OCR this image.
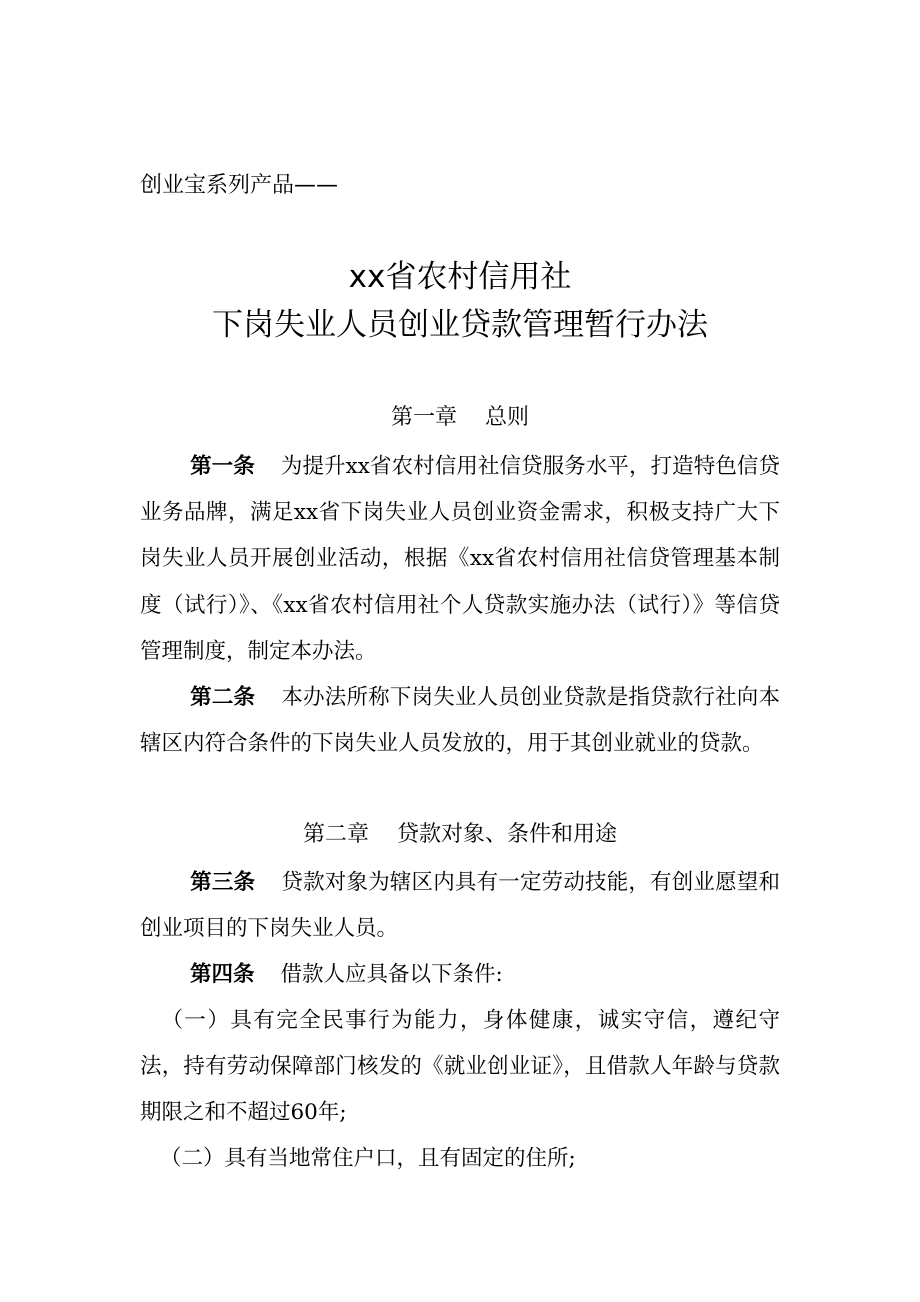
创业宝系列产品——
xx省农村信用社
下岗失业人员创业贷款管理暂行办法
第一章    总则
第一条 为提升xx省农村信用社信贷服务水平，打造特色信贷业务品牌，满足xx省下岗失业人员创业资金需求，积极支持广大下岗失业人员开展创业活动，根据《xx省农村信用社信贷管理基本制度（试行）》、《xx省农村信用社个人贷款实施办法（试行）》等信贷管理制度，制定本办法。
第二条 本办法所称下岗失业人员创业贷款是指贷款行社向本辖区内符合条件的下岗失业人员发放的，用于其创业就业的贷款。
第二章    贷款对象、条件和用途
第三条 贷款对象为辖区内具有一定劳动技能，有创业愿望和创业项目的下岗失业人员。
第四条 借款人应具备以下条件:
（一）具有完全民事行为能力，身体健康，诚实守信，遵纪守法，持有劳动保障部门核发的《就业创业证》，且借款人年龄与贷款期限之和不超过60年;
（二）具有当地常住户口，且有固定的住所;
